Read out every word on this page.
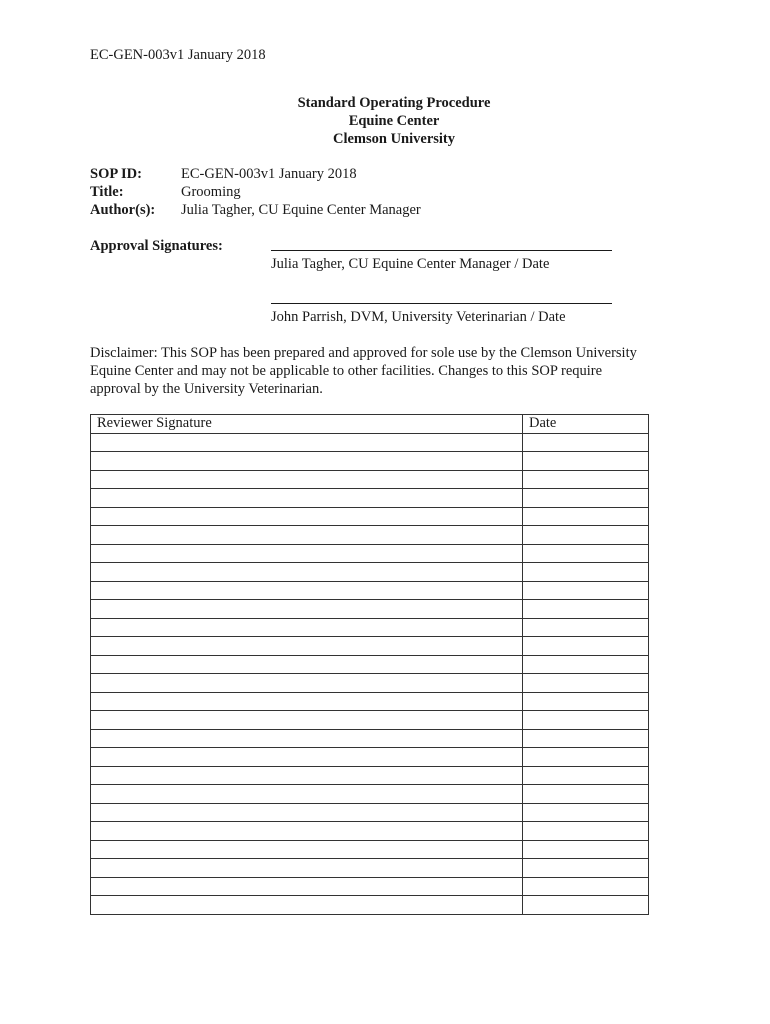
EC-GEN-003v1 January 2018
Standard Operating Procedure
Equine Center
Clemson University
SOP ID:	EC-GEN-003v1 January 2018
Title:	Grooming
Author(s): Julia Tagher, CU Equine Center Manager
Approval Signatures:
Julia Tagher, CU Equine Center Manager / Date
John Parrish, DVM, University Veterinarian / Date
Disclaimer: This SOP has been prepared and approved for sole use by the Clemson University
Equine Center and may not be applicable to other facilities. Changes to this SOP require
approval by the University Veterinarian.
Reviewer Signature	Date
